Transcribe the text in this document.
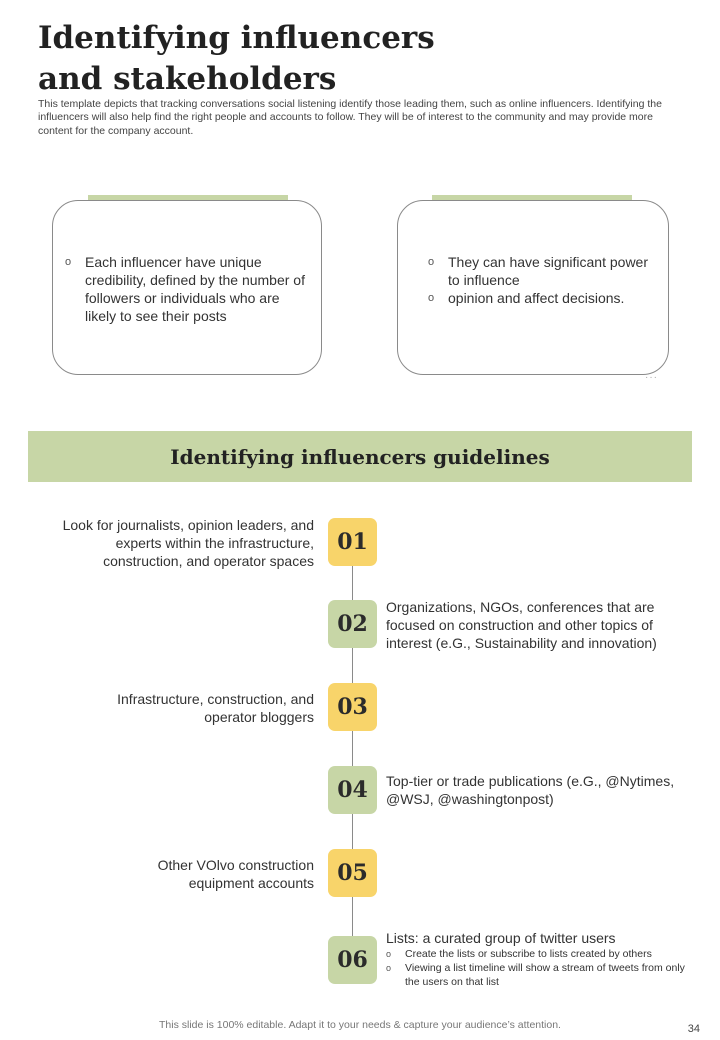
Identifying influencers
and stakeholders

This template depicts that tracking conversations social listening identify those leading them, such as online influencers. Identifying the influencers will also help find the right people and accounts to follow. They will be of interest to the community and may provide more content for the company account.

o Each influencer have unique credibility, defined by the number of followers or individuals who are likely to see their posts
o They can have significant power to influence
o opinion and affect decisions.
···
Identifying influencers guidelines
01

Look for journalists, opinion leaders, and experts within the infrastructure, construction, and operator spaces

02

Organizations, NGOs, conferences that are focused on construction and other topics of interest (e.G., Sustainability and innovation)

03

Infrastructure, construction, and operator bloggers

04	Top-tier or trade publications (e.G., @Nytimes, @WSJ, @washingtonpost)

05

Other VOlvo construction equipment accounts

06

Lists: a curated group of twitter users

o Create the lists or subscribe to lists created by others
o Viewing a list timeline will show a stream of tweets from only the users on that list

This slide is 100% editable. Adapt it to your needs & capture your audience’s attention.	34
